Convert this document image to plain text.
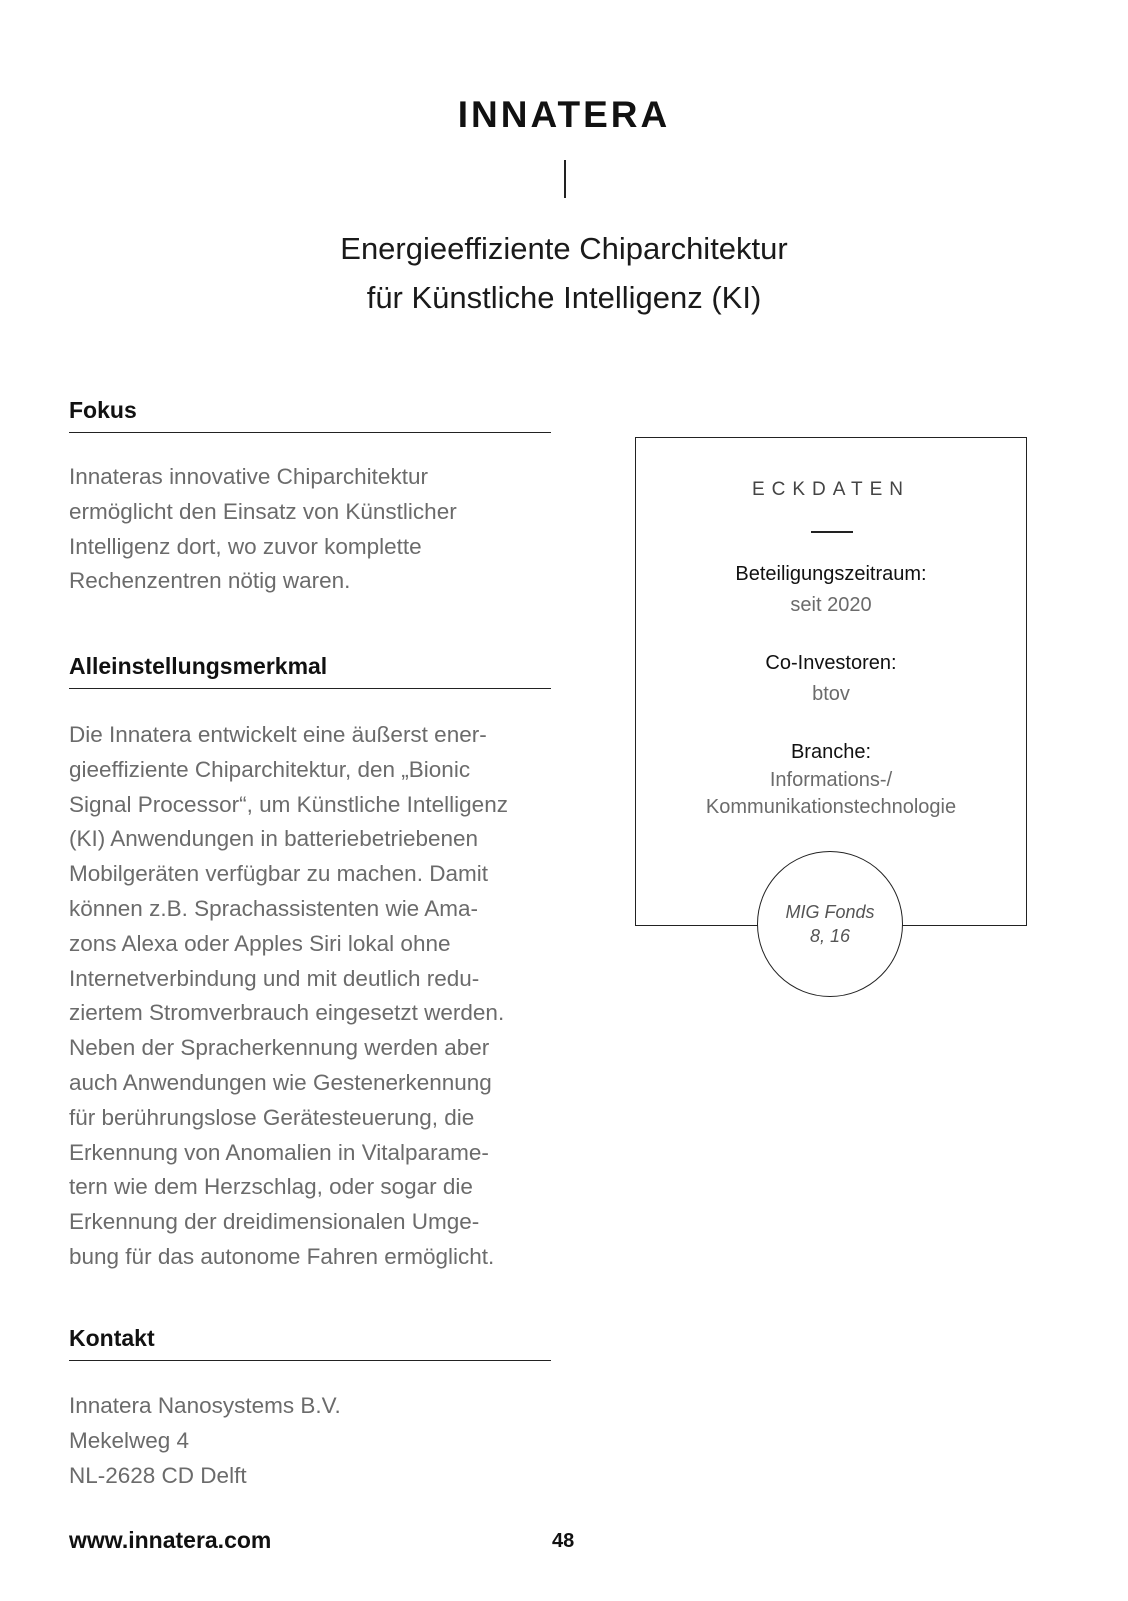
INNATERA
Energieeffiziente Chiparchitektur
für Künstliche Intelligenz (KI)
Fokus
Innateras innovative Chiparchitektur
ermöglicht den Einsatz von Künstlicher
Intelligenz dort, wo zuvor komplette
Rechenzentren nötig waren.
Alleinstellungsmerkmal
Die Innatera entwickelt eine äußerst ener-
gieeffiziente Chiparchitektur, den „Bionic
Signal Processor“, um Künstliche Intelligenz
(KI) Anwendungen in batteriebetriebenen
Mobilgeräten verfügbar zu machen. Damit
können z.B. Sprachassistenten wie Ama-
zons Alexa oder Apples Siri lokal ohne
Internetverbindung und mit deutlich redu-
ziertem Stromverbrauch eingesetzt werden.
Neben der Spracherkennung werden aber
auch Anwendungen wie Gestenerkennung
für berührungslose Gerätesteuerung, die
Erkennung von Anomalien in Vitalparame-
tern wie dem Herzschlag, oder sogar die
Erkennung der dreidimensionalen Umge-
bung für das autonome Fahren ermöglicht.
Kontakt
Innatera Nanosystems B.V.
Mekelweg 4
NL-2628 CD Delft
www.innatera.com	48
ECKDATEN
Beteiligungszeitraum:
seit 2020
Co-Investoren:
btov
Branche:
Informations-/
Kommunikationstechnologie
MIG Fonds
8, 16
